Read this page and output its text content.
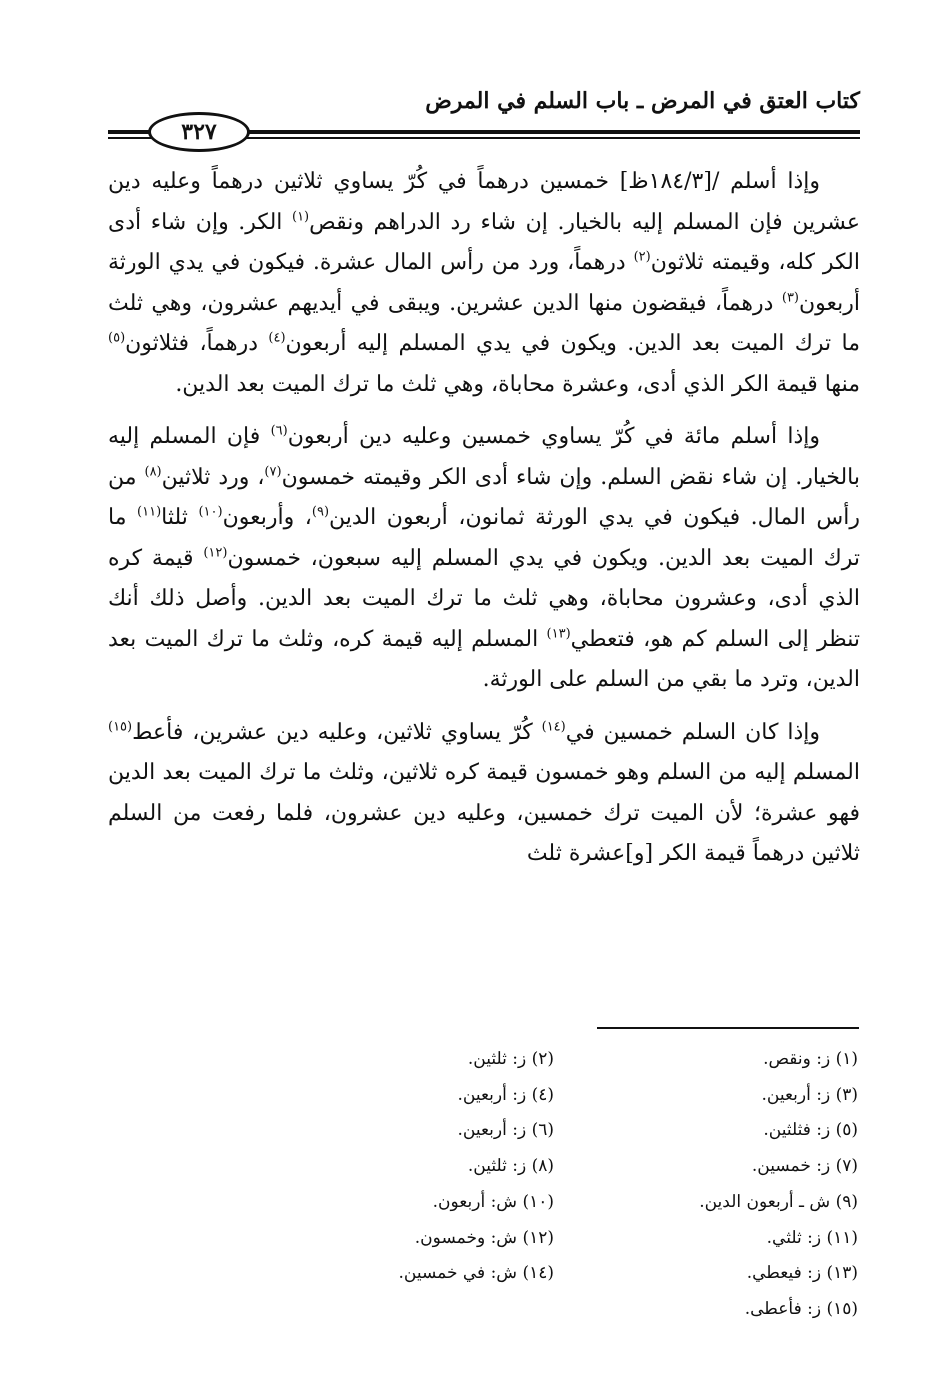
كتاب العتق في المرض ـ باب السلم في المرض
٣٢٧

وإذا أسلم /[١٨٤/٣ظ] خمسين درهماً في كُرّ يساوي ثلاثين درهماً وعليه دين عشرين فإن المسلم إليه بالخيار. إن شاء رد الدراهم ونقص$^{(١)}$ الكر. وإن شاء أدى الكر كله، وقيمته ثلاثون$^{(٢)}$ درهماً، ورد من رأس المال عشرة. فيكون في يدي الورثة أربعون$^{(٣)}$ درهماً، فيقضون منها الدين عشرين. ويبقى في أيديهم عشرون، وهي ثلث ما ترك الميت بعد الدين. ويكون في يدي المسلم إليه أربعون$^{(٤)}$ درهماً، فثلاثون$^{(٥)}$ منها قيمة الكر الذي أدى، وعشرة محاباة، وهي ثلث ما ترك الميت بعد الدين.

وإذا أسلم مائة في كُرّ يساوي خمسين وعليه دين أربعون$^{(٦)}$ فإن المسلم إليه بالخيار. إن شاء نقض السلم. وإن شاء أدى الكر وقيمته خمسون$^{(٧)}$، ورد ثلاثين$^{(٨)}$ من رأس المال. فيكون في يدي الورثة ثمانون، أربعون الدين$^{(٩)}$، وأربعون$^{(١٠)}$ ثلثا$^{(١١)}$ ما ترك الميت بعد الدين. ويكون في يدي المسلم إليه سبعون، خمسون$^{(١٢)}$ قيمة كره الذي أدى، وعشرون محاباة، وهي ثلث ما ترك الميت بعد الدين. وأصل ذلك أنك تنظر إلى السلم كم هو، فتعطي$^{(١٣)}$ المسلم إليه قيمة كره، وثلث ما ترك الميت بعد الدين، وترد ما بقي من السلم على الورثة.

وإذا كان السلم خمسين في$^{(١٤)}$ كُرّ يساوي ثلاثين، وعليه دين عشرين، فأعط$^{(١٥)}$ المسلم إليه من السلم وهو خمسون قيمة كره ثلاثين، وثلث ما ترك الميت بعد الدين فهو عشرة؛ لأن الميت ترك خمسين، وعليه دين عشرون، فلما رفعت من السلم ثلاثين درهماً قيمة الكر [و]عشرة ثلث

(١) ز: ونقص.
(٢) ز: ثلثين.
(٣) ز: أربعين.
(٤) ز: أربعين.
(٥) ز: فثلثين.
(٦) ز: أربعين.
(٧) ز: خمسين.
(٨) ز: ثلثين.
(٩) ش ـ أربعون الدين.
(١٠) ش: أربعون.
(١١) ز: ثلثي.
(١٢) ش: وخمسون.
(١٣) ز: فيعطي.
(١٤) ش: في خمسين.
(١٥) ز: فأعطى.
